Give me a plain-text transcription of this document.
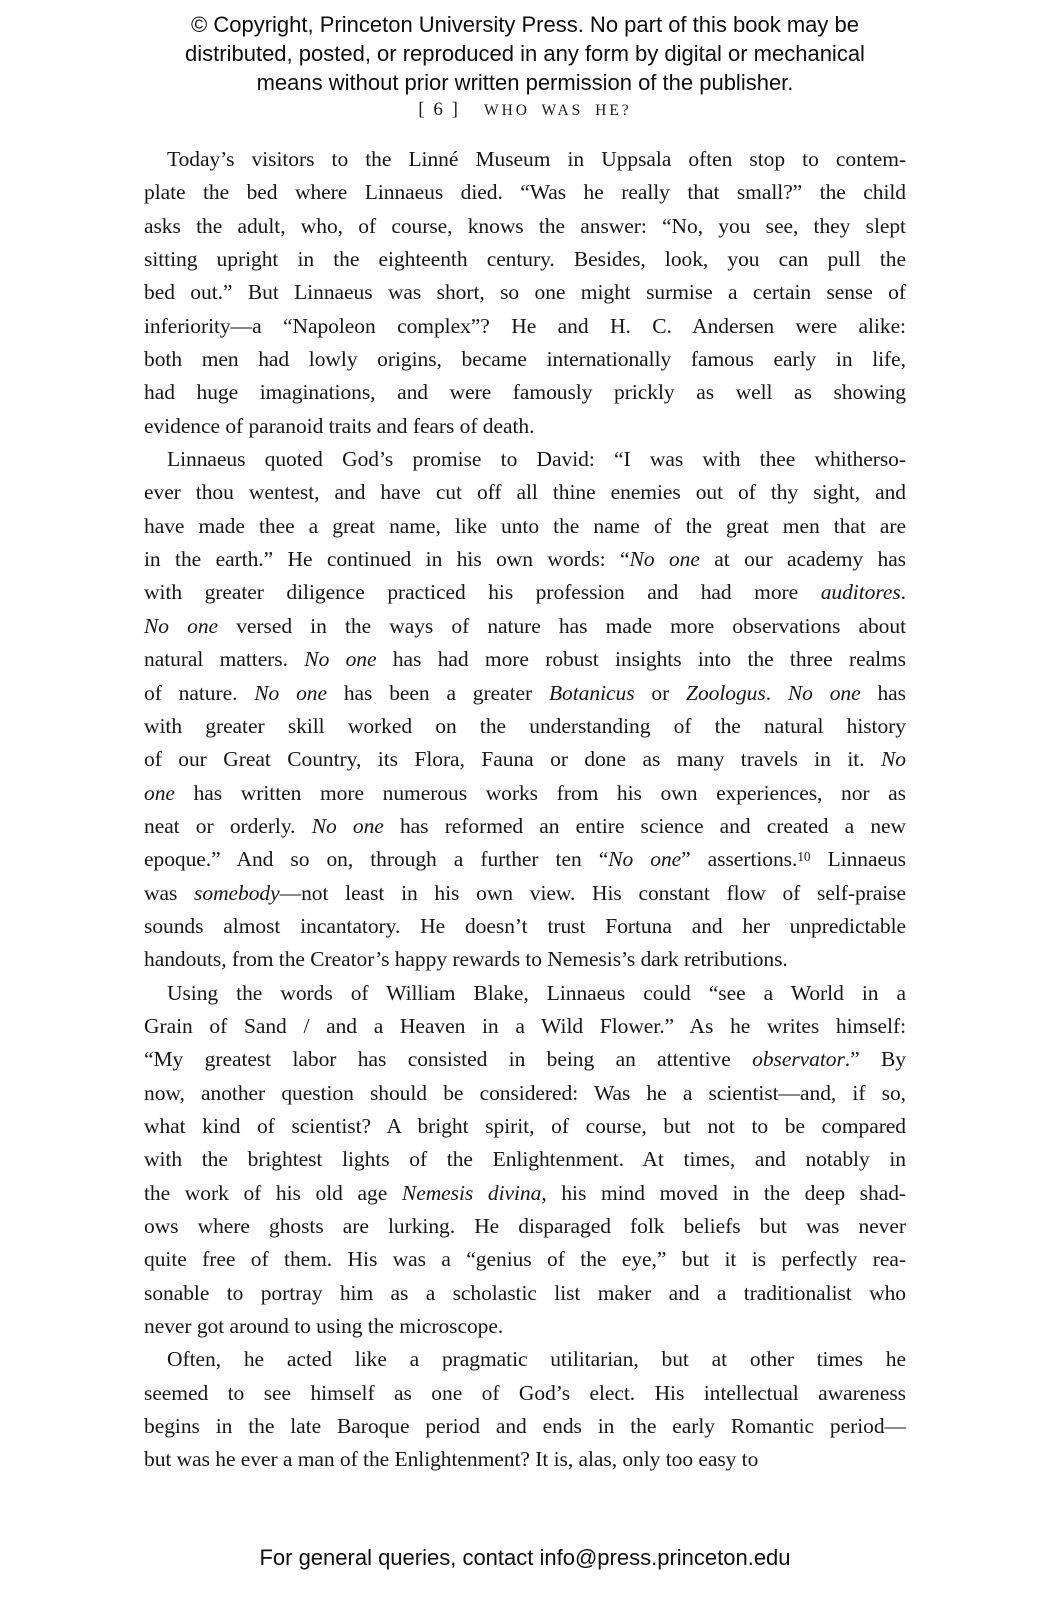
© Copyright, Princeton University Press. No part of this book may be
distributed, posted, or reproduced in any form by digital or mechanical
means without prior written permission of the publisher.
[ 6 ] WHO WAS HE?
Today’s visitors to the Linné Museum in Uppsala often stop to contem-
plate the bed where Linnaeus died. “Was he really that small?” the child
asks the adult, who, of course, knows the answer: “No, you see, they slept
sitting upright in the eighteenth century. Besides, look, you can pull the
bed out.” But Linnaeus was short, so one might surmise a certain sense of
inferiority—a “Napoleon complex”? He and H. C. Andersen were alike:
both men had lowly origins, became internationally famous early in life,
had huge imaginations, and were famously prickly as well as showing
evidence of paranoid traits and fears of death.
Linnaeus quoted God’s promise to David: “I was with thee whitherso-
ever thou wentest, and have cut off all thine enemies out of thy sight, and
have made thee a great name, like unto the name of the great men that are
in the earth.” He continued in his own words: “No one at our academy has
with greater diligence practiced his profession and had more auditores.
No one versed in the ways of nature has made more observations about
natural matters. No one has had more robust insights into the three realms
of nature. No one has been a greater Botanicus or Zoologus. No one has
with greater skill worked on the understanding of the natural history
of our Great Country, its Flora, Fauna or done as many travels in it. No
one has written more numerous works from his own experiences, nor as
neat or orderly. No one has reformed an entire science and created a new
epoque.” And so on, through a further ten “No one” assertions.$^{10}$ Linnaeus
was somebody—not least in his own view. His constant flow of self-praise
sounds almost incantatory. He doesn’t trust Fortuna and her unpredictable
handouts, from the Creator’s happy rewards to Nemesis’s dark retributions.
Using the words of William Blake, Linnaeus could “see a World in a
Grain of Sand / and a Heaven in a Wild Flower.” As he writes himself:
“My greatest labor has consisted in being an attentive observator.” By
now, another question should be considered: Was he a scientist—and, if so,
what kind of scientist? A bright spirit, of course, but not to be compared
with the brightest lights of the Enlightenment. At times, and notably in
the work of his old age Nemesis divina, his mind moved in the deep shad-
ows where ghosts are lurking. He disparaged folk beliefs but was never
quite free of them. His was a “genius of the eye,” but it is perfectly rea-
sonable to portray him as a scholastic list maker and a traditionalist who
never got around to using the microscope.
Often, he acted like a pragmatic utilitarian, but at other times he
seemed to see himself as one of God’s elect. His intellectual awareness
begins in the late Baroque period and ends in the early Romantic period—
but was he ever a man of the Enlightenment? It is, alas, only too easy to
For general queries, contact info@press.princeton.edu
